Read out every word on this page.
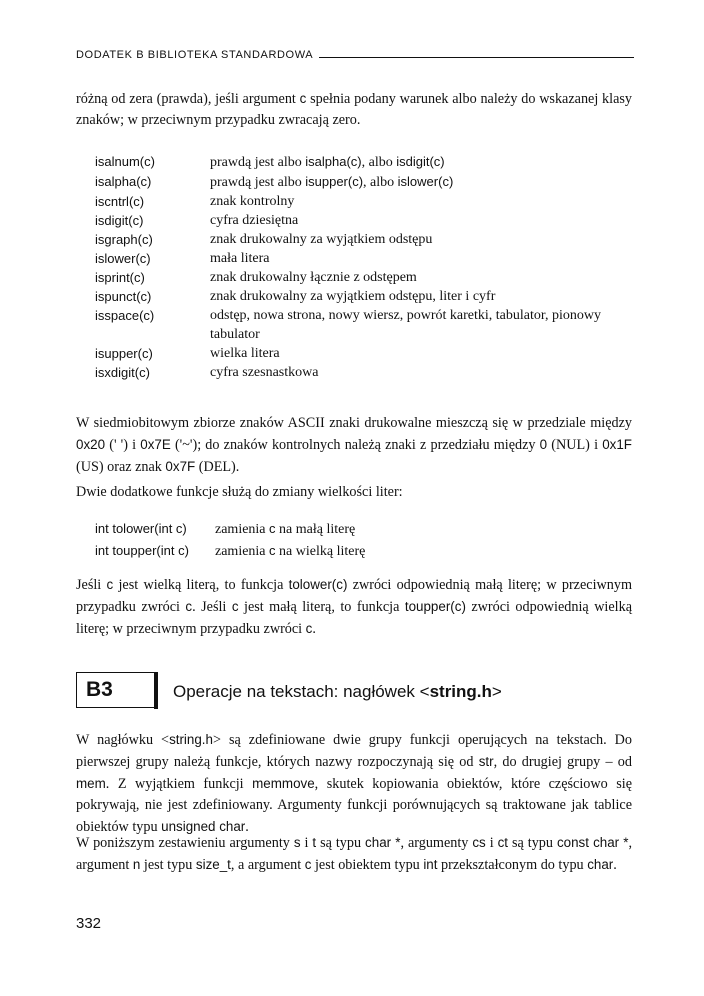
DODATEK B BIBLIOTEKA STANDARDOWA

różną od zera (prawda), jeśli argument c spełnia podany warunek albo należy do wskazanej klasy znaków; w przeciwnym przypadku zwracają zero.

isalnum(c)	prawdą jest albo isalpha(c), albo isdigit(c)
isalpha(c)	prawdą jest albo isupper(c), albo islower(c)
iscntrl(c)	znak kontrolny
isdigit(c)	cyfra dziesiętna
isgraph(c)	znak drukowalny za wyjątkiem odstępu
islower(c)	mała litera
isprint(c)	znak drukowalny łącznie z odstępem
ispunct(c)	znak drukowalny za wyjątkiem odstępu, liter i cyfr
isspace(c)	odstęp, nowa strona, nowy wiersz, powrót karetki, tabulator, pionowy tabulator
isupper(c)	wielka litera
isxdigit(c)	cyfra szesnastkowa

W siedmiobitowym zbiorze znaków ASCII znaki drukowalne mieszczą się w przedziale między 0x20 (' ') i 0x7E ('~'); do znaków kontrolnych należą znaki z przedziału między 0 (NUL) i 0x1F (US) oraz znak 0x7F (DEL).

Dwie dodatkowe funkcje służą do zmiany wielkości liter:

int tolower(int c)	zamienia c na małą literę
int toupper(int c)	zamienia c na wielką literę

Jeśli c jest wielką literą, to funkcja tolower(c) zwróci odpowiednią małą literę; w przeciwnym przypadku zwróci c. Jeśli c jest małą literą, to funkcja toupper(c) zwróci odpowiednią wielką literę; w przeciwnym przypadku zwróci c.

B3	Operacje na tekstach: nagłówek <string.h>

W nagłówku <string.h> są zdefiniowane dwie grupy funkcji operujących na tekstach. Do pierwszej grupy należą funkcje, których nazwy rozpoczynają się od str, do drugiej grupy – od mem. Z wyjątkiem funkcji memmove, skutek kopiowania obiektów, które częściowo się pokrywają, nie jest zdefiniowany. Argumenty funkcji porównujących są traktowane jak tablice obiektów typu unsigned char.

W poniższym zestawieniu argumenty s i t są typu char *, argumenty cs i ct są typu const char *, argument n jest typu size_t, a argument c jest obiektem typu int przekształconym do typu char.

332
